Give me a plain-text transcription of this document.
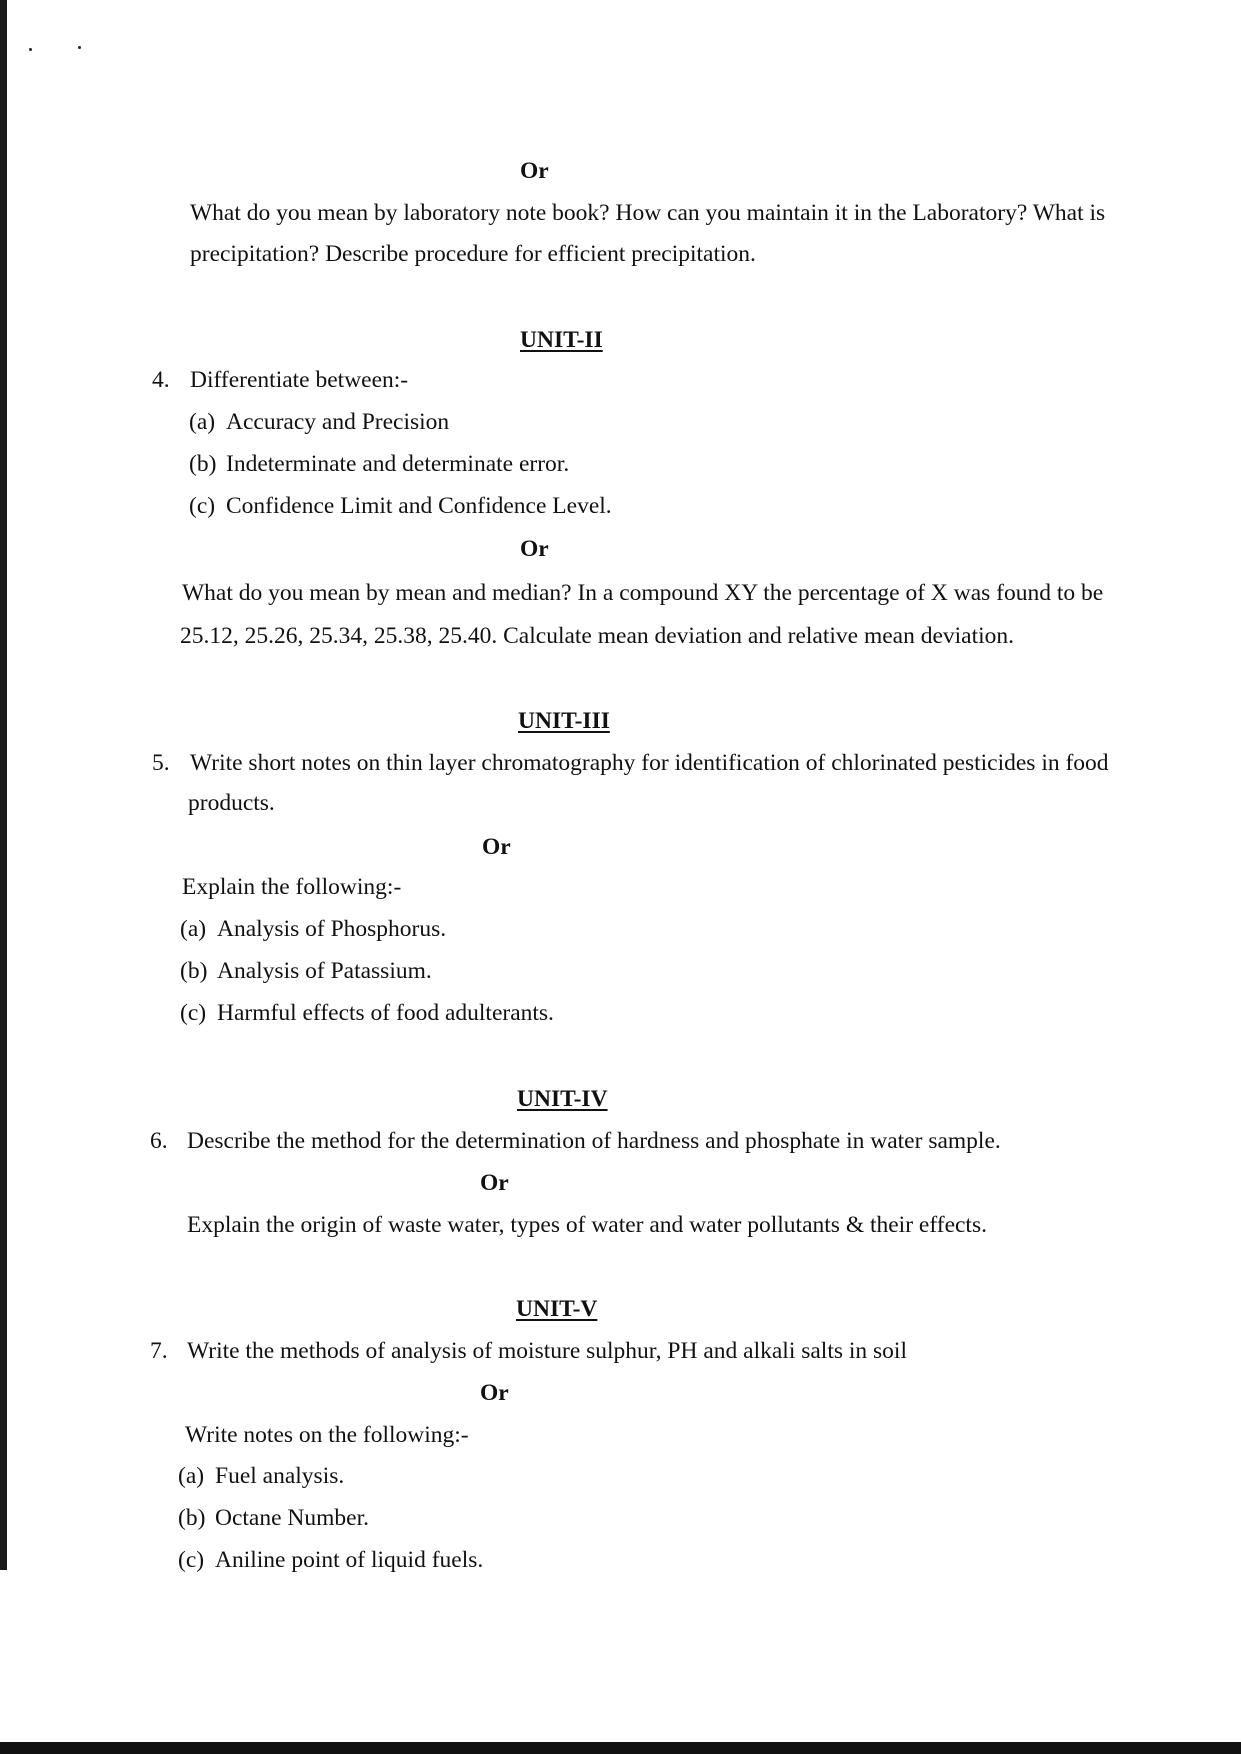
Or
What do you mean by laboratory note book? How can you maintain it in the Laboratory? What is
precipitation? Describe procedure for efficient precipitation.
UNIT-II
4. Differentiate between:-
(a) Accuracy and Precision
(b) Indeterminate and determinate error.
(c) Confidence Limit and Confidence Level.
Or
What do you mean by mean and median? In a compound XY the percentage of X was found to be
25.12, 25.26, 25.34, 25.38, 25.40. Calculate mean deviation and relative mean deviation.
UNIT-III
5. Write short notes on thin layer chromatography for identification of chlorinated pesticides in food
products.
Or
Explain the following:-
(a) Analysis of Phosphorus.
(b) Analysis of Patassium.
(c) Harmful effects of food adulterants.
UNIT-IV
6. Describe the method for the determination of hardness and phosphate in water sample.
Or
Explain the origin of waste water, types of water and water pollutants & their effects.
UNIT-V
7. Write the methods of analysis of moisture sulphur, PH and alkali salts in soil
Or
Write notes on the following:-
(a) Fuel analysis.
(b) Octane Number.
(c) Aniline point of liquid fuels.
